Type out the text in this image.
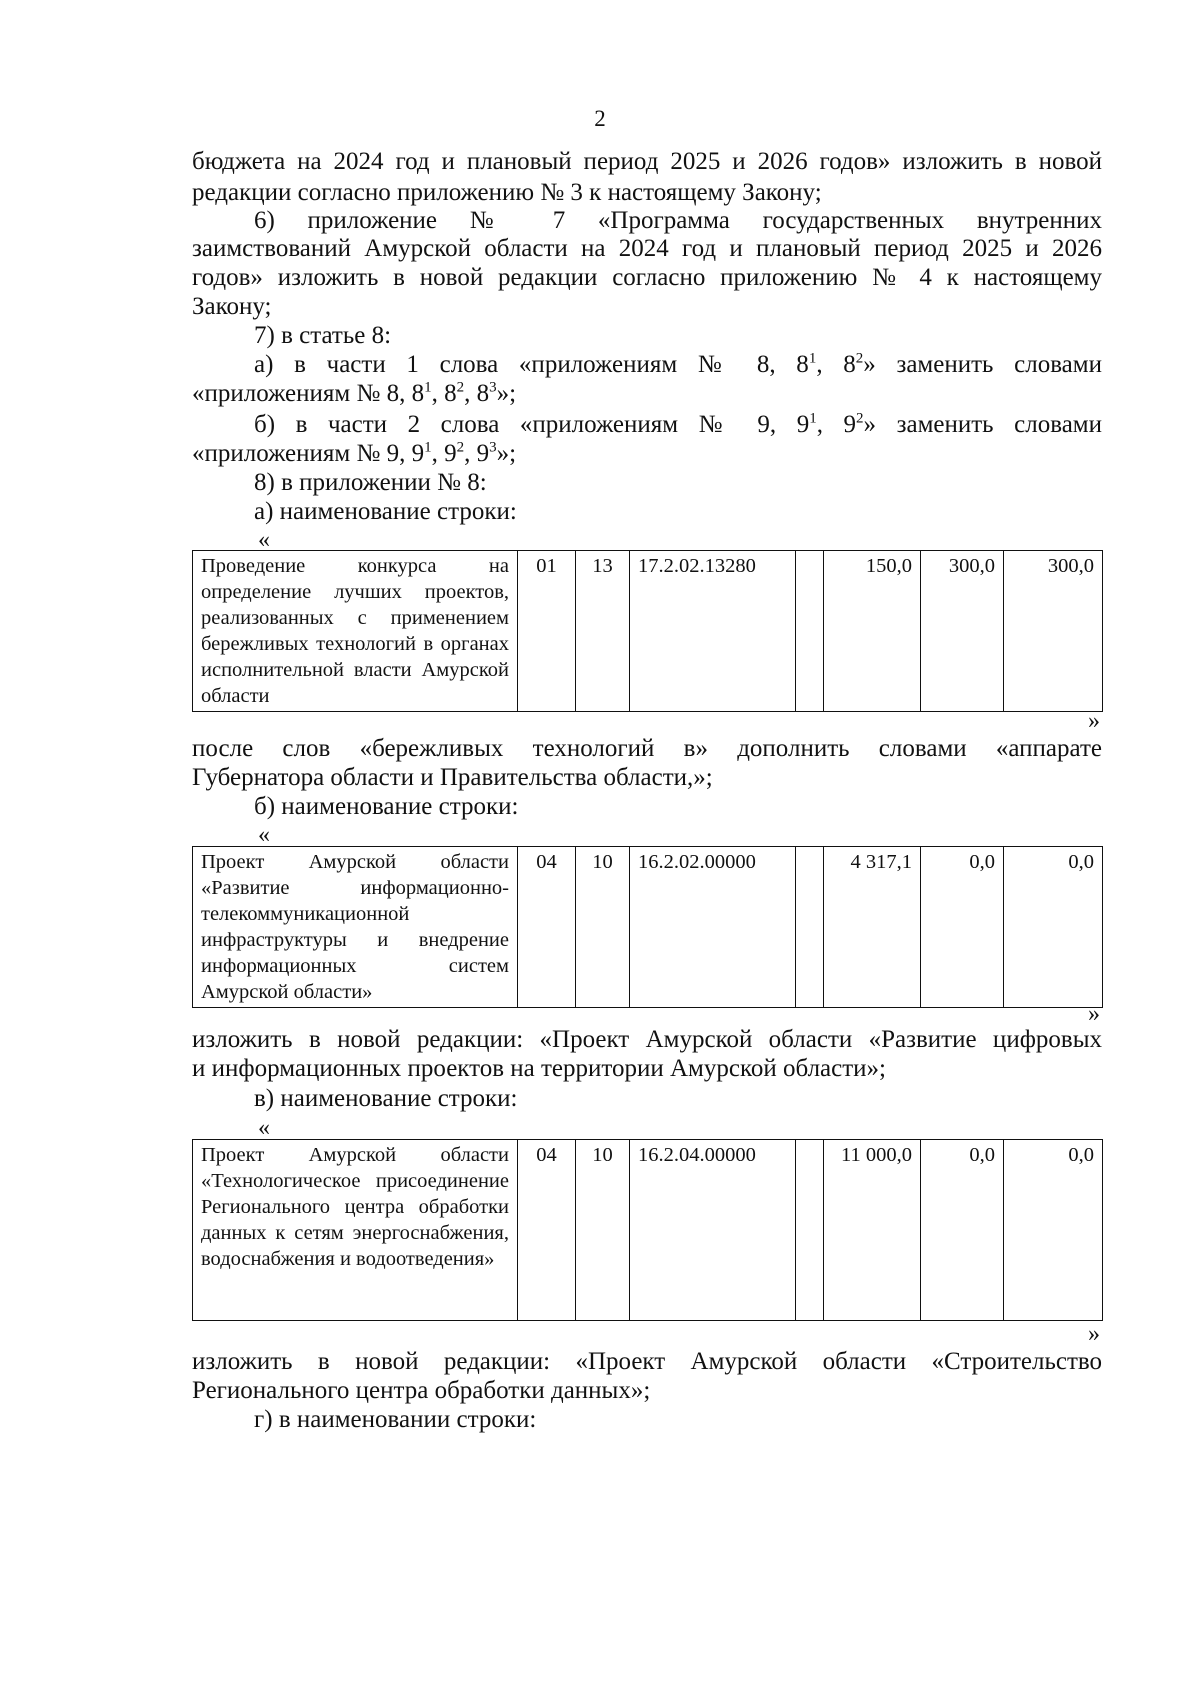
2
бюджета на 2024 год и плановый период 2025 и 2026 годов» изложить в новой
редакции согласно приложению № 3 к настоящему Закону;
6) приложение № 7 «Программа государственных внутренних
заимствований Амурской области на 2024 год и плановый период 2025 и 2026
годов» изложить в новой редакции согласно приложению № 4 к настоящему
Закону;
7) в статье 8:
а) в части 1 слова «приложениям № 8, $8^1$, $8^2$» заменить словами
«приложениям № 8, $8^1$, $8^2$, $8^3$»;
б) в части 2 слова «приложениям № 9, $9^1$, $9^2$» заменить словами
«приложениям № 9, $9^1$, $9^2$, $9^3$»;
8) в приложении № 8:
а) наименование строки:
«
Проведение конкурса на определение лучших проектов, реализованных с применением бережливых технологий в органах исполнительной власти Амурской области	01	13	17.2.02.13280		150,0	300,0	300,0
»
после слов «бережливых технологий в» дополнить словами «аппарате
Губернатора области и Правительства области,»;
б) наименование строки:
«
Проект Амурской области «Развитие информационно-телекоммуникационной инфраструктуры и внедрение информационных систем Амурской области»	04	10	16.2.02.00000		4 317,1	0,0	0,0
»
изложить в новой редакции: «Проект Амурской области «Развитие цифровых
и информационных проектов на территории Амурской области»;
в) наименование строки:
«
Проект Амурской области «Технологическое присоединение Регионального центра обработки данных к сетям энергоснабжения, водоснабжения и водоотведения»	04	10	16.2.04.00000		11 000,0	0,0	0,0
»
изложить в новой редакции: «Проект Амурской области «Строительство
Регионального центра обработки данных»;
г) в наименовании строки:
